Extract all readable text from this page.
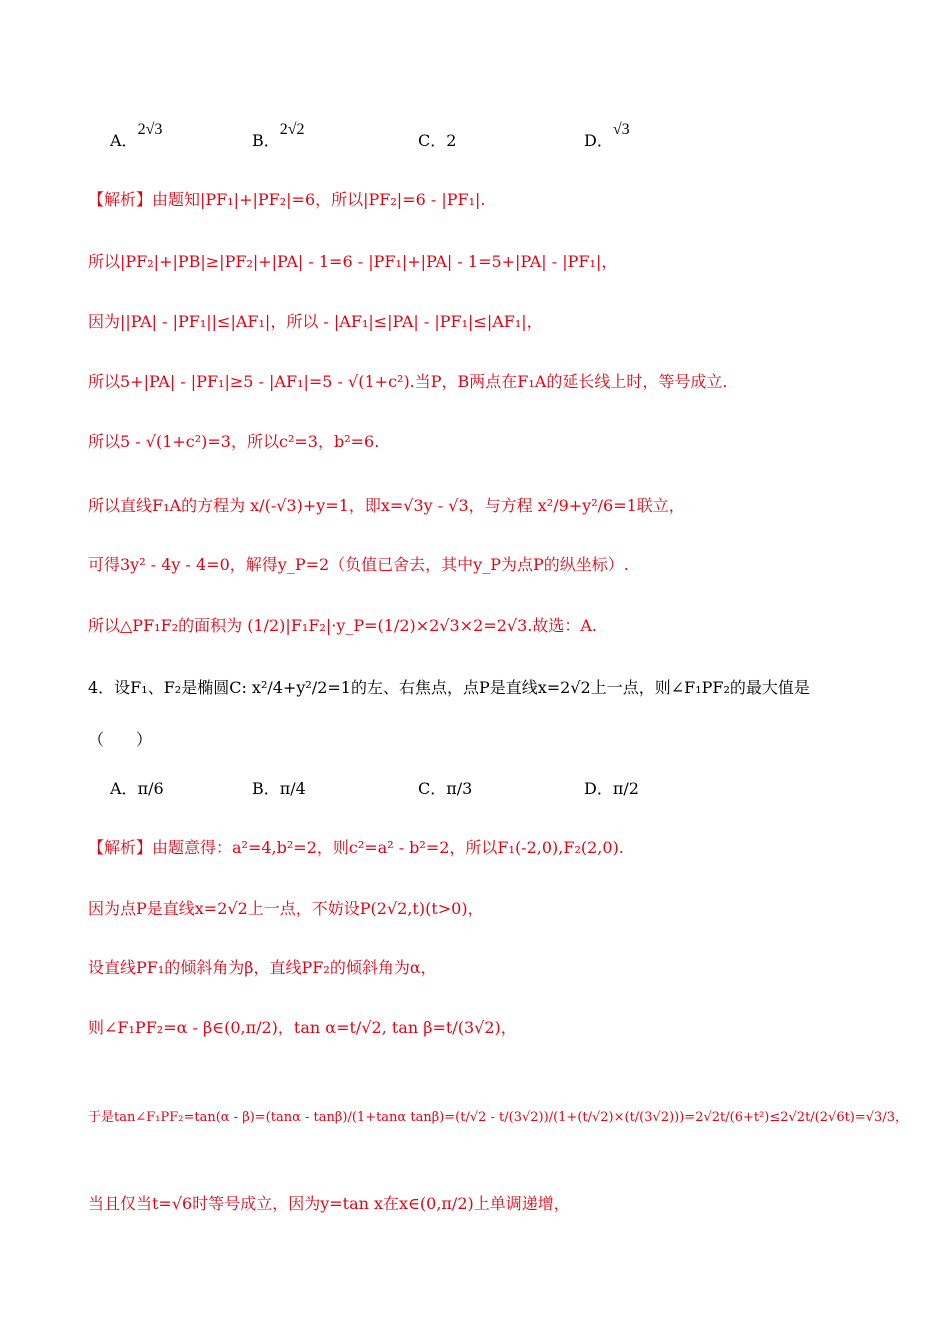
A．2√3
B．2√2
C．2	D．√3
【解析】由题知|PF₁|+|PF₂|=6，所以|PF₂|=6 - |PF₁|.
所以|PF₂|+|PB|≥|PF₂|+|PA| - 1=6 - |PF₁|+|PA| - 1=5+|PA| - |PF₁|，
因为||PA| - |PF₁||≤|AF₁|，所以 - |AF₁|≤|PA| - |PF₁|≤|AF₁|，
所以5+|PA| - |PF₁|≥5 - |AF₁|=5 - √(1+c²).当P，B两点在F₁A的延长线上时，等号成立.
所以5 - √(1+c²)=3，所以c²=3，b²=6.
所以直线F₁A的方程为 x/(-√3)+y=1，即x=√3y - √3，与方程 x²/9+y²/6=1联立，
可得3y² - 4y - 4=0，解得y_P=2（负值已舍去，其中y_P为点P的纵坐标）.
所以△PF₁F₂的面积为 (1/2)|F₁F₂|·y_P=(1/2)×2√3×2=2√3.故选：A.
4．设F₁、F₂是椭圆C: x²/4+y²/2=1的左、右焦点，点P是直线x=2√2上一点，则∠F₁PF₂的最大值是
（　　）
A．π/6	B．π/4	C．π/3	D．π/2
【解析】由题意得：a²=4,b²=2，则c²=a² - b²=2，所以F₁(-2,0),F₂(2,0).
因为点P是直线x=2√2上一点，不妨设P(2√2,t)(t>0)，
设直线PF₁的倾斜角为β，直线PF₂的倾斜角为α，
则∠F₁PF₂=α - β∈(0,π/2)，tan α=t/√2, tan β=t/(3√2)，
于是tan∠F₁PF₂=tan(α - β)=(tanα - tanβ)/(1+tanα tanβ)=(t/√2 - t/(3√2))/(1+(t/√2)×(t/(3√2)))=2√2t/(6+t²)≤2√2t/(2√6t)=√3/3，
当且仅当t=√6时等号成立，因为y=tan x在x∈(0,π/2)上单调递增，
